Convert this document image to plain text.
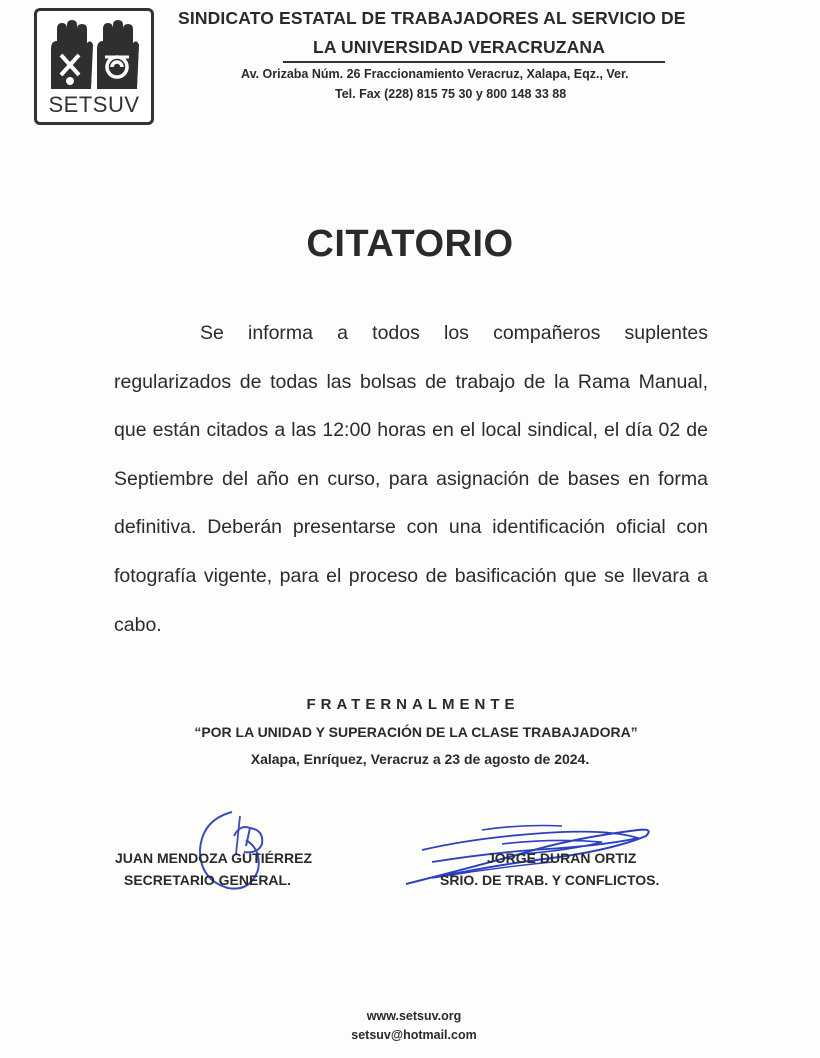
SETSUV
SINDICATO ESTATAL DE TRABAJADORES AL SERVICIO DE
LA UNIVERSIDAD VERACRUZANA
Av. Orizaba Núm. 26 Fraccionamiento Veracruz, Xalapa, Eqz., Ver.
Tel. Fax (228) 815 75 30 y 800 148 33 88
CITATORIO

Se informa a todos los compañeros suplentes regularizados de todas las bolsas de trabajo de la Rama Manual, que están citados a las 12:00 horas en el local sindical, el día 02 de Septiembre del año en curso, para asignación de bases en forma definitiva. Deberán presentarse con una identificación oficial con fotografía vigente, para el proceso de basificación que se llevara a cabo.

FRATERNALMENTE
“POR LA UNIDAD Y SUPERACIÓN DE LA CLASE TRABAJADORA”
Xalapa, Enríquez, Veracruz a 23 de agosto de 2024.
JUAN MENDOZA GUTIÉRREZ
SECRETARIO GENERAL.
JORGE DURAN ORTIZ
SRIO. DE TRAB. Y CONFLICTOS.
www.setsuv.org
setsuv@hotmail.com
